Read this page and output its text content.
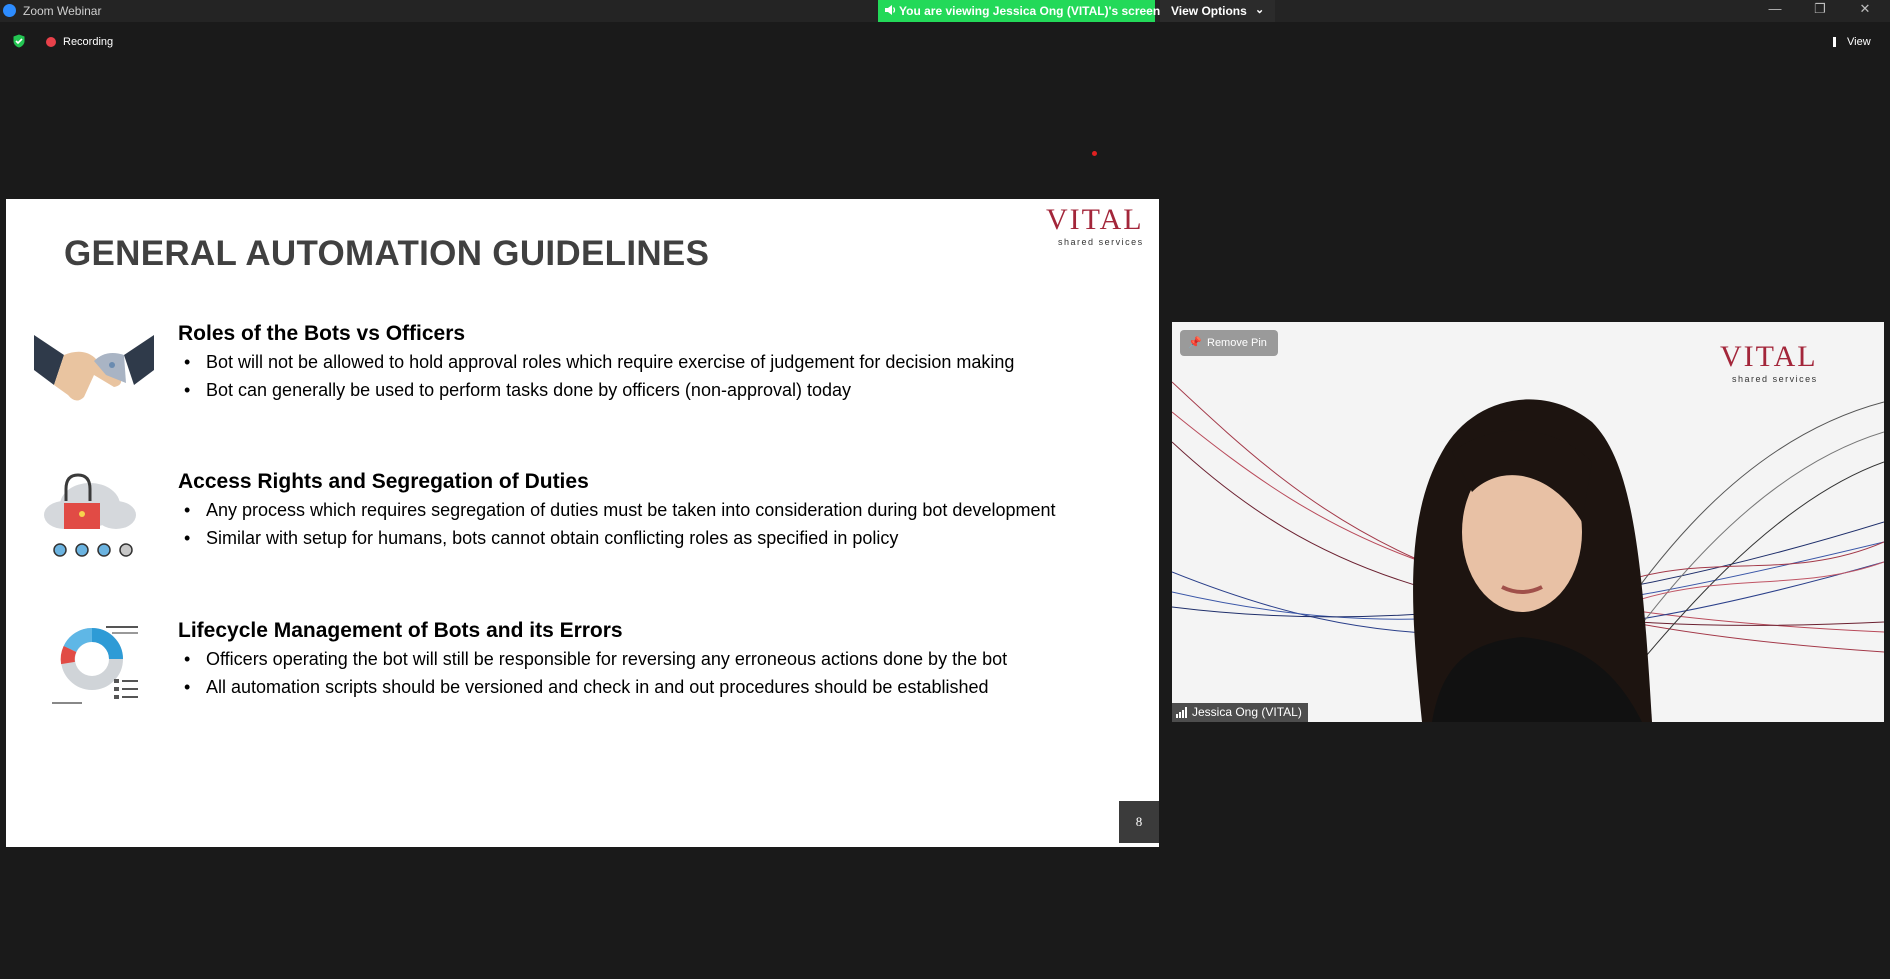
Zoom Webinar	You are viewing Jessica Ong (VITAL)'s screen View Options ⌄	—	❐	✕
Recording	View
GENERAL AUTOMATION GUIDELINES
VITAL
shared services
Roles of the Bots vs Officers
• Bot will not be allowed to hold approval roles which require exercise of judgement for decision making
• Bot can generally be used to perform tasks done by officers (non-approval) today
Access Rights and Segregation of Duties
• Any process which requires segregation of duties must be taken into consideration during bot development
• Similar with setup for humans, bots cannot obtain conflicting roles as specified in policy
Lifecycle Management of Bots and its Errors
• Officers operating the bot will still be responsible for reversing any erroneous actions done by the bot
• All automation scripts should be versioned and check in and out procedures should be established
8
VITAL
shared services
📌 Remove Pin
Jessica Ong (VITAL)
